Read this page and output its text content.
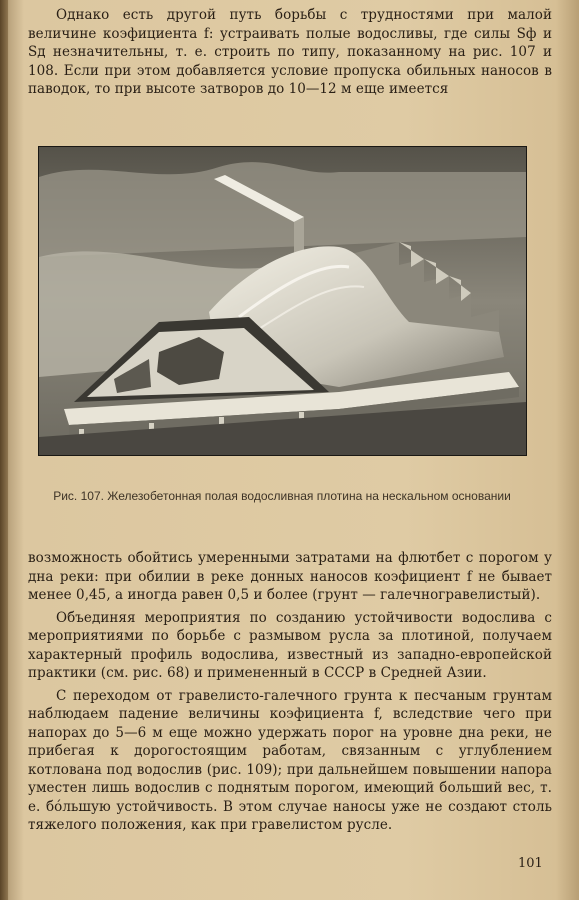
Однако есть другой путь борьбы с трудностями при малой величине коэфициента f: устраивать полые водосливы, где силы Sф и Sд незначительны, т. е. строить по типу, показанному на рис. 107 и 108. Если при этом добавляется условие пропуска обильных наносов в паводок, то при высоте затворов до 10—12 м еще имеется

Рис. 107. Железобетонная полая водосливная плотина на нескальном основании

возможность обойтись умеренными затратами на флютбет с порогом у дна реки: при обилии в реке донных наносов коэфициент f не бывает менее 0,45, а иногда равен 0,5 и более (грунт — галечногравелистый).

Объединяя мероприятия по созданию устойчивости водослива с мероприятиями по борьбе с размывом русла за плотиной, получаем характерный профиль водослива, известный из западно-европейской практики (см. рис. 68) и примененный в СССР в Средней Азии.

С переходом от гравелисто-галечного грунта к песчаным грунтам наблюдаем падение величины коэфициента f, вследствие чего при напорах до 5—6 м еще можно удержать порог на уровне дна реки, не прибегая к дорогостоящим работам, связанным с углублением котлована под водослив (рис. 109); при дальнейшем повышении напора уместен лишь водослив с поднятым порогом, имеющий больший вес, т. е. бóльшую устойчивость. В этом случае наносы уже не создают столь тяжелого положения, как при гравелистом русле.

101
